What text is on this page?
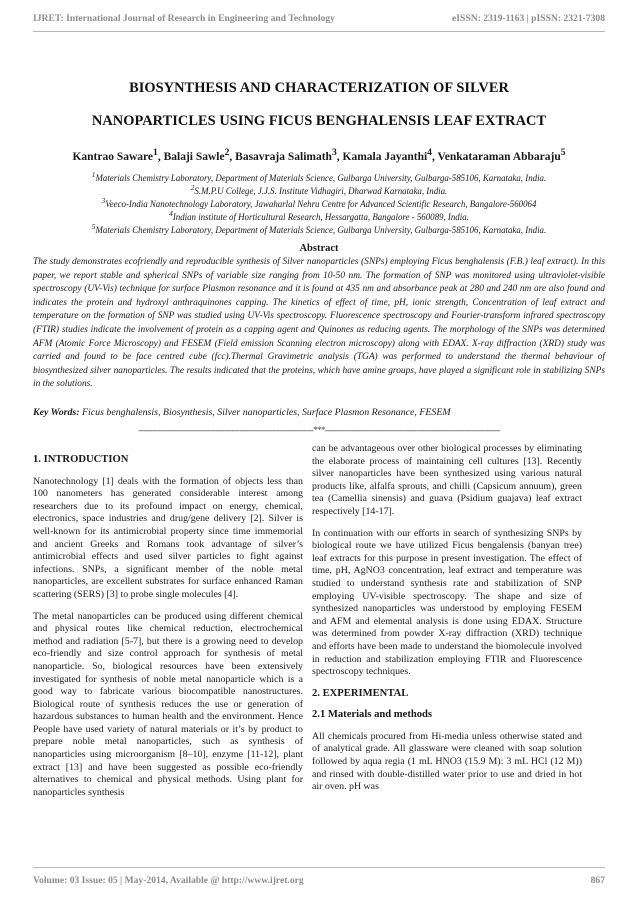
IJRET: International Journal of Research in Engineering and Technology	eISSN: 2319-1163 | pISSN: 2321-7308
BIOSYNTHESIS AND CHARACTERIZATION OF SILVER
NANOPARTICLES USING FICUS BENGHALENSIS LEAF EXTRACT
Kantrao Saware$^1$, Balaji Sawle$^2$, Basavraja Salimath$^3$, Kamala Jayanthi$^4$, Venkataraman Abbaraju$^5$
$^1$Materials Chemistry Laboratory, Department of Materials Science, Gulbarga University, Gulbarga-585106, Karnataka, India.
$^2$S.M.P.U College, J.J.S. Institute Vidhagiri, Dharwad Karnataka, India.
$^3$Veeco-India Nanotechnology Laboratory, Jawaharlal Nehru Centre for Advanced Scientific Research, Bangalore-560064
$^4$Indian institute of Horticultural Research, Hessargatta, Bangalore - 560089, India.
$^5$Materials Chemistry Laboratory, Department of Materials Science, Gulbarga University, Gulbarga-585106, Karnataka, India.
Abstract

The study demonstrates ecofriendly and reproducible synthesis of Silver nanoparticles (SNPs) employing Ficus benghalensis (F.B.) leaf extract). In this paper, we report stable and spherical SNPs of variable size ranging from 10-50 nm. The formation of SNP was monitored using ultraviolet-visible spectroscopy (UV-Vis) technique for surface Plasmon resonance and it is found at 435 nm and absorbance peak at 280 and 240 nm are also found and indicates the protein and hydroxyl anthraquinones capping. The kinetics of effect of time, pH, ionic strength, Concentration of leaf extract and temperature on the formation of SNP was studied using UV-Vis spectroscopy. Fluorescence spectroscopy and Fourier-transform infrared spectroscopy (FTIR) studies indicate the involvement of protein as a capping agent and Quinones as reducing agents. The morphology of the SNPs was determined AFM (Atomic Force Microscopy) and FESEM (Field emission Scanning electron microscopy) along with EDAX. X-ray diffraction (XRD) study was carried and found to be face centred cube (fcc).Thermal Gravimetric analysis (TGA) was performed to understand the thermal behaviour of biosynthesized silver nanoparticles. The results indicated that the proteins, which have amine groups, have played a significant role in stabilizing SNPs in the solutions.

Key Words: Ficus benghalensis, Biosynthesis, Silver nanoparticles, Surface Plasmon Resonance, FESEM

-------------------------------------------------------------------------***-------------------------------------------------------------------------
1. INTRODUCTION

Nanotechnology [1] deals with the formation of objects less than 100 nanometers has generated considerable interest among researchers due to its profound impact on energy, chemical, electronics, space industries and drug/gene delivery [2]. Silver is well-known for its antimicrobial property since time immemorial and ancient Greeks and Romans took advantage of silver’s antimicrobial effects and used silver particles to fight against infections. SNPs, a significant member of the noble metal nanoparticles, are excellent substrates for surface enhanced Raman scattering (SERS) [3] to probe single molecules [4].

The metal nanoparticles can be produced using different chemical and physical routes like chemical reduction, electrochemical method and radiation [5-7], but there is a growing need to develop eco-friendly and size control approach for synthesis of metal nanoparticle. So, biological resources have been extensively investigated for synthesis of noble metal nanoparticle which is a good way to fabricate various biocompatible nanostructures. Biological route of synthesis reduces the use or generation of hazardous substances to human health and the environment. Hence People have used variety of natural materials or it’s by product to prepare noble metal nanoparticles, such as synthesis of nanoparticles using microorganism [8–10], enzyme [11-12], plant extract [13] and have been suggested as possible eco-friendly alternatives to chemical and physical methods. Using plant for nanoparticles synthesis

can be advantageous over other biological processes by eliminating the elaborate process of maintaining cell cultures [13]. Recently silver nanoparticles have been synthesized using various natural products like, alfalfa sprouts, and chilli (Capsicum annuum), green tea (Camellia sinensis) and guava (Psidium guajava) leaf extract respectively [14-17].

In continuation with our efforts in search of synthesizing SNPs by biological route we have utilized Ficus bengalensis (banyan tree) leaf extracts for this purpose in present investigation. The effect of time, pH, AgNO3 concentration, leaf extract and temperature was studied to understand synthesis rate and stabilization of SNP employing UV-visible spectroscopy. The shape and size of synthesized nanoparticles was understood by employing FESEM and AFM and elemental analysis is done using EDAX. Structure was determined from powder X-ray diffraction (XRD) technique and efforts have been made to understand the biomolecule involved in reduction and stabilization employing FTIR and Fluorescence spectroscopy techniques.

2. EXPERIMENTAL
2.1 Materials and methods

All chemicals procured from Hi-media unless otherwise stated and of analytical grade. All glassware were cleaned with soap solution followed by aqua regia (1 mL HNO3 (15.9 M): 3 mL HCl (12 M)) and rinsed with double-distilled water prior to use and dried in hot air oven. pH was

Volume: 03 Issue: 05 | May-2014, Available @ http://www.ijret.org	867
